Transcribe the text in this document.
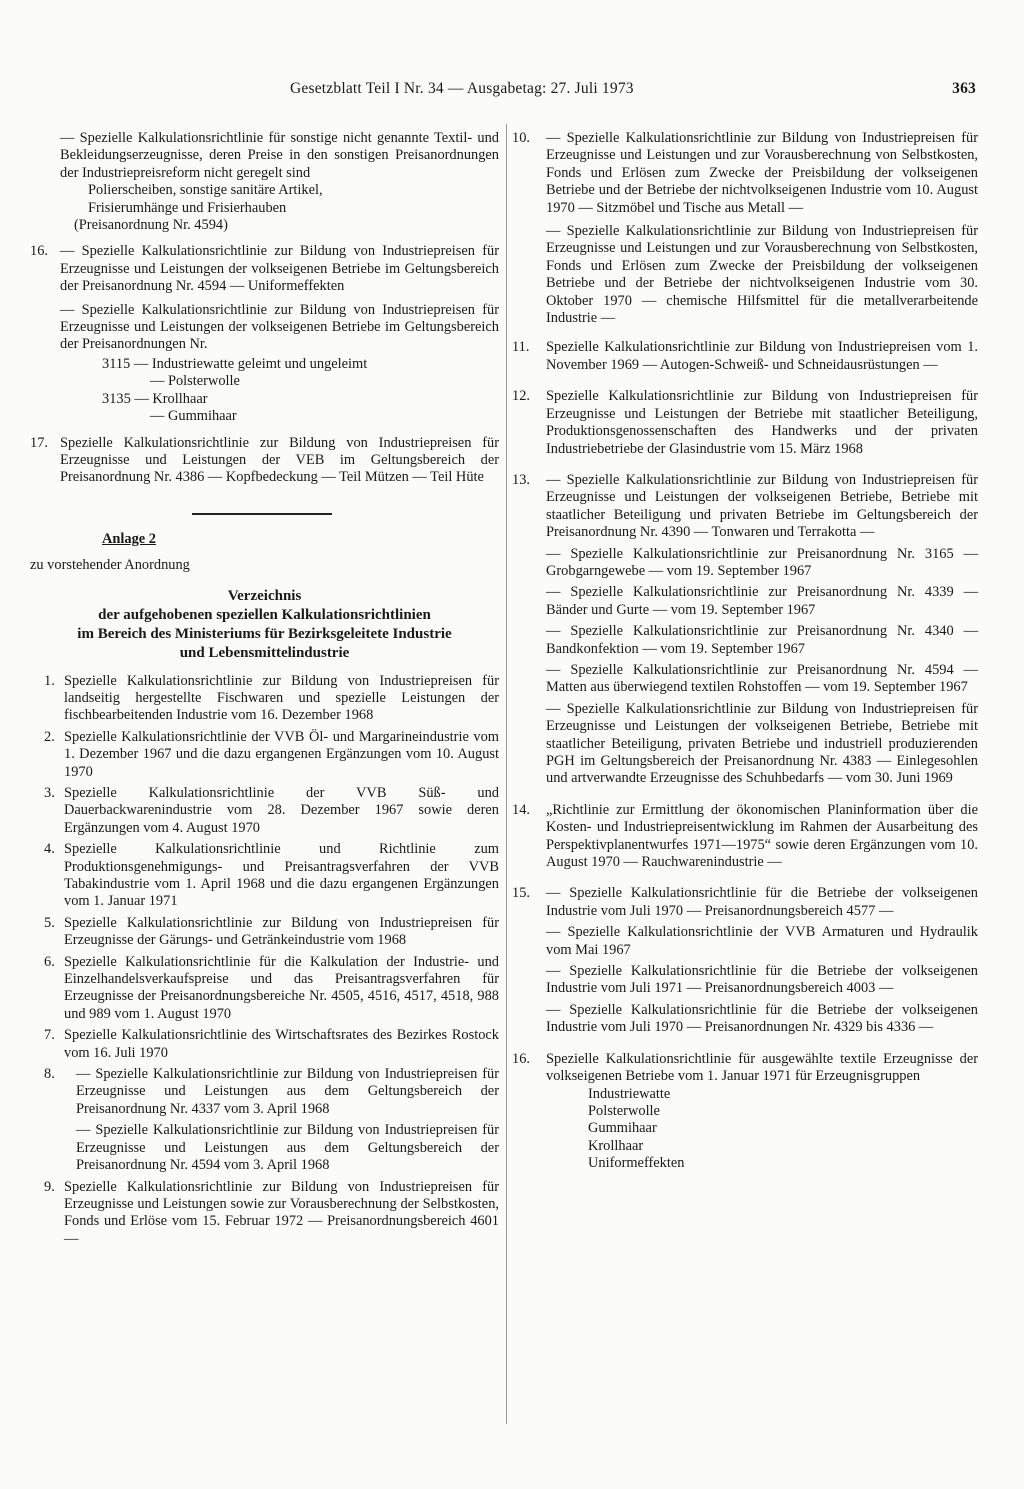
Gesetzblatt Teil I Nr. 34 — Ausgabetag: 27. Juli 1973	363
— Spezielle Kalkulationsrichtlinie für sonstige nicht genannte Textil- und Bekleidungserzeugnisse, deren Preise in den sonstigen Preisanordnungen der Industriepreisreform nicht geregelt sind
Polierscheiben, sonstige sanitäre Artikel,
Frisierumhänge und Frisierhauben
(Preisanordnung Nr. 4594)
16. — Spezielle Kalkulationsrichtlinie zur Bildung von Industriepreisen für Erzeugnisse und Leistungen der volkseigenen Betriebe im Geltungsbereich der Preisanordnung Nr. 4594 — Uniformeffekten
— Spezielle Kalkulationsrichtlinie zur Bildung von Industriepreisen für Erzeugnisse und Leistungen der volkseigenen Betriebe im Geltungsbereich der Preisanordnungen Nr.
3115 — Industriewatte geleimt und ungeleimt
— Polsterwolle
3135 — Krollhaar
— Gummihaar
17. Spezielle Kalkulationsrichtlinie zur Bildung von Industriepreisen für Erzeugnisse und Leistungen der VEB im Geltungsbereich der Preisanordnung Nr. 4386 — Kopfbedeckung — Teil Mützen — Teil Hüte
Anlage 2
zu vorstehender Anordnung
Verzeichnis
der aufgehobenen speziellen Kalkulationsrichtlinien
im Bereich des Ministeriums für Bezirksgeleitete Industrie
und Lebensmittelindustrie
1. Spezielle Kalkulationsrichtlinie zur Bildung von Industriepreisen für landseitig hergestellte Fischwaren und spezielle Leistungen der fischbearbeitenden Industrie vom 16. Dezember 1968
2. Spezielle Kalkulationsrichtlinie der VVB Öl- und Margarineindustrie vom 1. Dezember 1967 und die dazu ergangenen Ergänzungen vom 10. August 1970
3. Spezielle Kalkulationsrichtlinie der VVB Süß- und Dauerbackwarenindustrie vom 28. Dezember 1967 sowie deren Ergänzungen vom 4. August 1970
4. Spezielle Kalkulationsrichtlinie und Richtlinie zum Produktionsgenehmigungs- und Preisantragsverfahren der VVB Tabakindustrie vom 1. April 1968 und die dazu ergangenen Ergänzungen vom 1. Januar 1971
5. Spezielle Kalkulationsrichtlinie zur Bildung von Industriepreisen für Erzeugnisse der Gärungs- und Getränkeindustrie vom 1968
6. Spezielle Kalkulationsrichtlinie für die Kalkulation der Industrie- und Einzelhandelsverkaufspreise und das Preisantragsverfahren für Erzeugnisse der Preisanordnungsbereiche Nr. 4505, 4516, 4517, 4518, 988 und 989 vom 1. August 1970
7. Spezielle Kalkulationsrichtlinie des Wirtschaftsrates des Bezirkes Rostock vom 16. Juli 1970
8.	— Spezielle Kalkulationsrichtlinie zur Bildung von Industriepreisen für Erzeugnisse und Leistungen aus dem Geltungsbereich der Preisanordnung Nr. 4337 vom 3. April 1968
— Spezielle Kalkulationsrichtlinie zur Bildung von Industriepreisen für Erzeugnisse und Leistungen aus dem Geltungsbereich der Preisanordnung Nr. 4594 vom 3. April 1968
9. Spezielle Kalkulationsrichtlinie zur Bildung von Industriepreisen für Erzeugnisse und Leistungen sowie zur Vorausberechnung der Selbstkosten, Fonds und Erlöse vom 15. Februar 1972 — Preisanordnungsbereich 4601 —
10. — Spezielle Kalkulationsrichtlinie zur Bildung von Industriepreisen für Erzeugnisse und Leistungen und zur Vorausberechnung von Selbstkosten, Fonds und Erlösen zum Zwecke der Preisbildung der volkseigenen Betriebe und der Betriebe der nichtvolkseigenen Industrie vom 10. August 1970 — Sitzmöbel und Tische aus Metall —
— Spezielle Kalkulationsrichtlinie zur Bildung von Industriepreisen für Erzeugnisse und Leistungen und zur Vorausberechnung von Selbstkosten, Fonds und Erlösen zum Zwecke der Preisbildung der volkseigenen Betriebe und der Betriebe der nichtvolkseigenen Industrie vom 30. Oktober 1970 — chemische Hilfsmittel für die metallverarbeitende Industrie —
11. Spezielle Kalkulationsrichtlinie zur Bildung von Industriepreisen vom 1. November 1969 — Autogen-Schweiß- und Schneidausrüstungen —
12. Spezielle Kalkulationsrichtlinie zur Bildung von Industriepreisen für Erzeugnisse und Leistungen der Betriebe mit staatlicher Beteiligung, Produktionsgenossenschaften des Handwerks und der privaten Industriebetriebe der Glasindustrie vom 15. März 1968
13. — Spezielle Kalkulationsrichtlinie zur Bildung von Industriepreisen für Erzeugnisse und Leistungen der volkseigenen Betriebe, Betriebe mit staatlicher Beteiligung und privaten Betriebe im Geltungsbereich der Preisanordnung Nr. 4390 — Tonwaren und Terrakotta —
— Spezielle Kalkulationsrichtlinie zur Preisanordnung Nr. 3165 — Grobgarngewebe — vom 19. September 1967
— Spezielle Kalkulationsrichtlinie zur Preisanordnung Nr. 4339 — Bänder und Gurte — vom 19. September 1967
— Spezielle Kalkulationsrichtlinie zur Preisanordnung Nr. 4340 — Bandkonfektion — vom 19. September 1967
— Spezielle Kalkulationsrichtlinie zur Preisanordnung Nr. 4594 — Matten aus überwiegend textilen Rohstoffen — vom 19. September 1967
— Spezielle Kalkulationsrichtlinie zur Bildung von Industriepreisen für Erzeugnisse und Leistungen der volkseigenen Betriebe, Betriebe mit staatlicher Beteiligung, privaten Betriebe und industriell produzierenden PGH im Geltungsbereich der Preisanordnung Nr. 4383 — Einlegesohlen und artverwandte Erzeugnisse des Schuhbedarfs — vom 30. Juni 1969
14. „Richtlinie zur Ermittlung der ökonomischen Planinformation über die Kosten- und Industriepreisentwicklung im Rahmen der Ausarbeitung des Perspektivplanentwurfes 1971—1975“ sowie deren Ergänzungen vom 10. August 1970 — Rauchwarenindustrie —
15. — Spezielle Kalkulationsrichtlinie für die Betriebe der volkseigenen Industrie vom Juli 1970 — Preisanordnungsbereich 4577 —
— Spezielle Kalkulationsrichtlinie der VVB Armaturen und Hydraulik vom Mai 1967
— Spezielle Kalkulationsrichtlinie für die Betriebe der volkseigenen Industrie vom Juli 1971 — Preisanordnungsbereich 4003 —
— Spezielle Kalkulationsrichtlinie für die Betriebe der volkseigenen Industrie vom Juli 1970 — Preisanordnungen Nr. 4329 bis 4336 —
16. Spezielle Kalkulationsrichtlinie für ausgewählte textile Erzeugnisse der volkseigenen Betriebe vom 1. Januar 1971 für Erzeugnisgruppen
Industriewatte
Polsterwolle
Gummihaar
Krollhaar
Uniformeffekten
